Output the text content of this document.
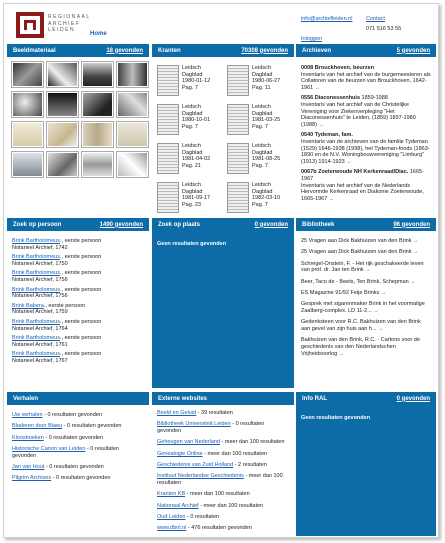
REGIONAAL
ARCHIEF
LEIDEN
Home
info@archiefleiden.nl
Inloggen
Contact
071 516 53 55
Beeldmateriaal	18 gevonden	Kranten	70308 gevonden
Leidsch
Dagblad
1980-01-12
Pag. 7
Leidsch
Dagblad
1980-06-27
Pag. 11
Leidsch
Dagblad
1980-10-01
Pag. 7
Leidsch
Dagblad
1981-03-25
Pag. 7
Leidsch
Dagblad
1981-04-02
Pag. 21
Leidsch
Dagblad
1981-08-25
Pag. 7
Leidsch
Dagblad
1981-09-17
Pag. 23
Leidsch
Dagblad
1982-03-10
Pag. 7
Archieven	5 gevonden

0008 Brouckhoven, beurzen
Inventaris van het archief van de burgemeesteren als Collatoren van de beurzen van Brouckhoven, 1642-1961 →

0556 Diaconessenhuis 1859-1988
Inventaris van het archief van de Christelijke Vereniging voor Ziekenverpleging "Het Diaconessenhuis" te Leiden, (1859) 1897-1980 (1988) →

0540 Tydeman, fam.
Inventaris van de archieven van de familie Tydeman (1529) 1646-1938 (1998), het Tydeman-fonds (1863-1890 en de N.V. Woningbouwvereniging "Limburg" (1913) 1914-1923 →

0067b Zoeterwoude NH Kerkenraad/Diac. 1665-1967
Inventaris van het archief van de Nederlands Hervormde Kerkenraad en Diakonie Zoeterwoude, 1665-1967 →

Zoek op persoon	1490 gevonden
Brink Bartholomeus., eerste persoon
Notarieel Archief, 1742
Brink Bartholomeus., eerste persoon
Notarieel Archief, 1750
Brink Bartholomeus., eerste persoon
Notarieel Archief, 1756
Brink Bartholomeus., eerste persoon
Notarieel Archief, 1756
Brink Babera., eerste persoon
Notarieel Archief, 1759
Brink Bartholomeus., eerste persoon
Notarieel Archief, 1764
Brink Bartholomeus., eerste persoon
Notarieel Archief, 1761
Brink Bartholomeus., eerste persoon
Notarieel Archief, 1767
Zoek op plaats	0 gevonden
Geen resultaten gevonden
Bibliotheek	96 gevonden
25 Vragen aan Dick Bakhuizen van den Brink →
25 Vragen aan Dick Bakhuizen van den Brink →
Schregel-Onstein, F. - Het rijk geschakeerde leven van prof. dr. Jan ten Brink →
Beer, Taco de - Beets, Ten Brink, Schepman →
ES Magazine 91/92 Feije Brinks →
Gesprek met sigarenmaker Brink in het voormalige Zaalberg-complex. LD 11-2... →
Gedenksteen voor R.C. Bakhuizen van den Brink aan gevel van zijn huis aan h... →
Bakhuizen van den Brink, R.C. - Cartons voor de geschiedenis van den Nederlandschen Vrijheidsoorlog →
Verhalen
Uw verhalen - 0 resultaten gevonden
Bladeren door Blaeu - 0 resultaten gevonden
Kloosboeken - 0 resultaten gevonden
Historische Canon van Leiden - 0 resultaten gevonden
Jan van Hout - 0 resultaten gevonden
Pilgrim Archives - 0 resultaten gevonden
Externe websites
Beeld en Geluid - 39 resultaten
Bibliotheek Universiteit Leiden - 0 resultaten gevonden
Geheugen van Nederland - meer dan 100 resultaten
Genealogie Online - meer dan 100 resultaten
Geschiedenis van Zuid Holland - 2 resultaten
Instituut Nederlandse Geschiedenis - meer dan 100 resultaten
Kranten KB - meer dan 100 resultaten
Nationaal Archief - meer dan 100 resultaten
Oud Leiden - 0 resultaten
www.dbnl.nl - 476 resultaten gevonden
Info RAL	0 gevonden
Geen resultaten gevonden
